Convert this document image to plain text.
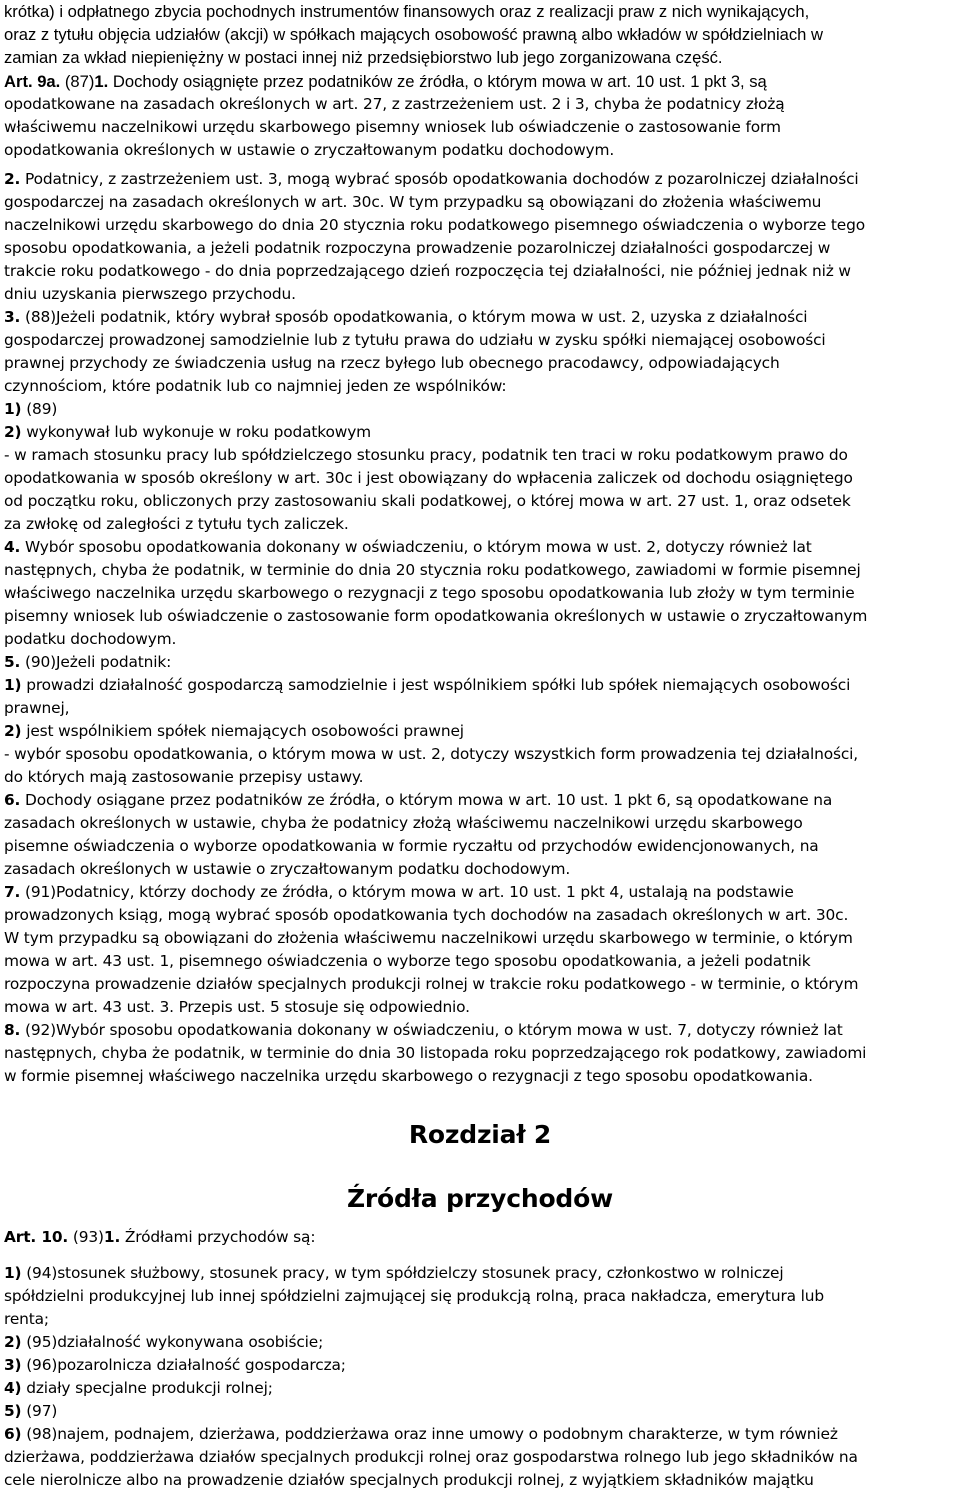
krótka) i odpłatnego zbycia pochodnych instrumentów finansowych oraz z realizacji praw z nich wynikających,
oraz z tytułu objęcia udziałów (akcji) w spółkach mających osobowość prawną albo wkładów w spółdzielniach w
zamian za wkład niepieniężny w postaci innej niż przedsiębiorstwo lub jego zorganizowana część.
Art. 9a. (87)1. Dochody osiągnięte przez podatników ze źródła, o którym mowa w art. 10 ust. 1 pkt 3, są
opodatkowane na zasadach określonych w art. 27, z zastrzeżeniem ust. 2 i 3, chyba że podatnicy złożą
właściwemu naczelnikowi urzędu skarbowego pisemny wniosek lub oświadczenie o zastosowanie form
opodatkowania określonych w ustawie o zryczałtowanym podatku dochodowym.
2. Podatnicy, z zastrzeżeniem ust. 3, mogą wybrać sposób opodatkowania dochodów z pozarolniczej działalności
gospodarczej na zasadach określonych w art. 30c. W tym przypadku są obowiązani do złożenia właściwemu
naczelnikowi urzędu skarbowego do dnia 20 stycznia roku podatkowego pisemnego oświadczenia o wyborze tego
sposobu opodatkowania, a jeżeli podatnik rozpoczyna prowadzenie pozarolniczej działalności gospodarczej w
trakcie roku podatkowego - do dnia poprzedzającego dzień rozpoczęcia tej działalności, nie później jednak niż w
dniu uzyskania pierwszego przychodu.
3. (88)Jeżeli podatnik, który wybrał sposób opodatkowania, o którym mowa w ust. 2, uzyska z działalności
gospodarczej prowadzonej samodzielnie lub z tytułu prawa do udziału w zysku spółki niemającej osobowości
prawnej przychody ze świadczenia usług na rzecz byłego lub obecnego pracodawcy, odpowiadających
czynnościom, które podatnik lub co najmniej jeden ze wspólników:
1) (89)
2) wykonywał lub wykonuje w roku podatkowym
- w ramach stosunku pracy lub spółdzielczego stosunku pracy, podatnik ten traci w roku podatkowym prawo do
opodatkowania w sposób określony w art. 30c i jest obowiązany do wpłacenia zaliczek od dochodu osiągniętego
od początku roku, obliczonych przy zastosowaniu skali podatkowej, o której mowa w art. 27 ust. 1, oraz odsetek
za zwłokę od zaległości z tytułu tych zaliczek.
4. Wybór sposobu opodatkowania dokonany w oświadczeniu, o którym mowa w ust. 2, dotyczy również lat
następnych, chyba że podatnik, w terminie do dnia 20 stycznia roku podatkowego, zawiadomi w formie pisemnej
właściwego naczelnika urzędu skarbowego o rezygnacji z tego sposobu opodatkowania lub złoży w tym terminie
pisemny wniosek lub oświadczenie o zastosowanie form opodatkowania określonych w ustawie o zryczałtowanym
podatku dochodowym.
5. (90)Jeżeli podatnik:
1) prowadzi działalność gospodarczą samodzielnie i jest wspólnikiem spółki lub spółek niemających osobowości
prawnej,
2) jest wspólnikiem spółek niemających osobowości prawnej
- wybór sposobu opodatkowania, o którym mowa w ust. 2, dotyczy wszystkich form prowadzenia tej działalności,
do których mają zastosowanie przepisy ustawy.
6. Dochody osiągane przez podatników ze źródła, o którym mowa w art. 10 ust. 1 pkt 6, są opodatkowane na
zasadach określonych w ustawie, chyba że podatnicy złożą właściwemu naczelnikowi urzędu skarbowego
pisemne oświadczenia o wyborze opodatkowania w formie ryczałtu od przychodów ewidencjonowanych, na
zasadach określonych w ustawie o zryczałtowanym podatku dochodowym.
7. (91)Podatnicy, którzy dochody ze źródła, o którym mowa w art. 10 ust. 1 pkt 4, ustalają na podstawie
prowadzonych ksiąg, mogą wybrać sposób opodatkowania tych dochodów na zasadach określonych w art. 30c.
W tym przypadku są obowiązani do złożenia właściwemu naczelnikowi urzędu skarbowego w terminie, o którym
mowa w art. 43 ust. 1, pisemnego oświadczenia o wyborze tego sposobu opodatkowania, a jeżeli podatnik
rozpoczyna prowadzenie działów specjalnych produkcji rolnej w trakcie roku podatkowego - w terminie, o którym
mowa w art. 43 ust. 3. Przepis ust. 5 stosuje się odpowiednio.
8. (92)Wybór sposobu opodatkowania dokonany w oświadczeniu, o którym mowa w ust. 7, dotyczy również lat
następnych, chyba że podatnik, w terminie do dnia 30 listopada roku poprzedzającego rok podatkowy, zawiadomi
w formie pisemnej właściwego naczelnika urzędu skarbowego o rezygnacji z tego sposobu opodatkowania.
Rozdział 2
Źródła przychodów
Art. 10. (93)1. Źródłami przychodów są:
1) (94)stosunek służbowy, stosunek pracy, w tym spółdzielczy stosunek pracy, członkostwo w rolniczej
spółdzielni produkcyjnej lub innej spółdzielni zajmującej się produkcją rolną, praca nakładcza, emerytura lub
renta;
2) (95)działalność wykonywana osobiście;
3) (96)pozarolnicza działalność gospodarcza;
4) działy specjalne produkcji rolnej;
5) (97)
6) (98)najem, podnajem, dzierżawa, poddzierżawa oraz inne umowy o podobnym charakterze, w tym również
dzierżawa, poddzierżawa działów specjalnych produkcji rolnej oraz gospodarstwa rolnego lub jego składników na
cele nierolnicze albo na prowadzenie działów specjalnych produkcji rolnej, z wyjątkiem składników majątku
